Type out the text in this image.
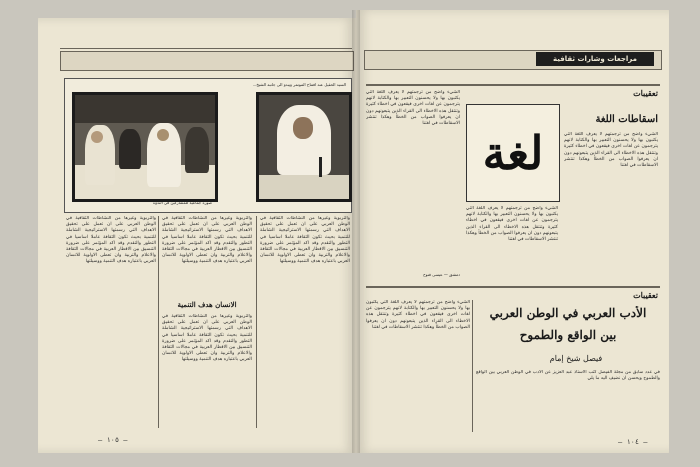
صورة جماعية للمشاركين في الندوة
السيد الحقيل عند افتتاح الموتمر ويبدو الى جانبه الشيخ...
والتربوية وغيرها من النشاطات الثقافية في الوطن العربي على ان تعمل على تحقيق الاهداف التي رسمتها الاستراتيجية الشاملة للتنمية بحيث تكون الثقافة عاملا اساسيا في التطور والتقدم وقد اكد المؤتمر على ضرورة التنسيق بين الاقطار العربية في مجالات الثقافة والاعلام والتربية وان تعطى الاولوية للانسان العربي باعتباره هدف التنمية ووسيلتها
والتربوية وغيرها من النشاطات الثقافية في الوطن العربي على ان تعمل على تحقيق الاهداف التي رسمتها الاستراتيجية الشاملة للتنمية بحيث تكون الثقافة عاملا اساسيا في التطور والتقدم وقد اكد المؤتمر على ضرورة التنسيق بين الاقطار العربية في مجالات الثقافة والاعلام والتربية وان تعطى الاولوية للانسان العربي باعتباره هدف التنمية ووسيلتها
الانسان هدف التنمية
والتربوية وغيرها من النشاطات الثقافية في الوطن العربي على ان تعمل على تحقيق الاهداف التي رسمتها الاستراتيجية الشاملة للتنمية بحيث تكون الثقافة عاملا اساسيا في التطور والتقدم وقد اكد المؤتمر على ضرورة التنسيق بين الاقطار العربية في مجالات الثقافة والاعلام والتربية وان تعطى الاولوية للانسان العربي باعتباره هدف التنمية ووسيلتها
والتربوية وغيرها من النشاطات الثقافية في الوطن العربي على ان تعمل على تحقيق الاهداف التي رسمتها الاستراتيجية الشاملة للتنمية بحيث تكون الثقافة عاملا اساسيا في التطور والتقدم وقد اكد المؤتمر على ضرورة التنسيق بين الاقطار العربية في مجالات الثقافة والاعلام والتربية وان تعطى الاولوية للانسان العربي باعتباره هدف التنمية ووسيلتها
— ١٠٥ —
مراجعات وشارات ثقافية
تعقيبات
اسقاطات اللغة
لغة	الشيء واضح من ترجمتهم لا يعرف اللغة التي يكتبون بها ولا يحسنون التعبير بها والكتابة لانهم يترجمون عن لغات اخرى فيقعون في اخطاء كثيرة وتنتقل هذه الاخطاء الى القراء الذين يتبعونهم دون ان يعرفوا الصواب من الخطأ وهكذا تنتشر الاسقاطات في لغتنا
الشيء واضح من ترجمتهم لا يعرف اللغة التي يكتبون بها ولا يحسنون التعبير بها والكتابة لانهم يترجمون عن لغات اخرى فيقعون في اخطاء كثيرة وتنتقل هذه الاخطاء الى القراء الذين يتبعونهم دون ان يعرفوا الصواب من الخطأ وهكذا تنتشر الاسقاطات في لغتنا
الشيء واضح من ترجمتهم لا يعرف اللغة التي يكتبون بها ولا يحسنون التعبير بها والكتابة لانهم يترجمون عن لغات اخرى فيقعون في اخطاء كثيرة وتنتقل هذه الاخطاء الى القراء الذين يتبعونهم دون ان يعرفوا الصواب من الخطأ وهكذا تنتشر الاسقاطات في لغتنا
دمشق — عيسى فتوح
تعقيبات
الأدب العربي في الوطن العربي
بين الواقع والطموح
فيصل شيخ إمام
في عدد سابق من مجلة الفيصل كتب الاستاذ عبد العزيز عن الادب في الوطن العربي بين الواقع والطموح ويحسن ان نضيف اليه ما يلي
الشيء واضح من ترجمتهم لا يعرف اللغة التي يكتبون بها ولا يحسنون التعبير بها والكتابة لانهم يترجمون عن لغات اخرى فيقعون في اخطاء كثيرة وتنتقل هذه الاخطاء الى القراء الذين يتبعونهم دون ان يعرفوا الصواب من الخطأ وهكذا تنتشر الاسقاطات في لغتنا
— ١٠٤ —
